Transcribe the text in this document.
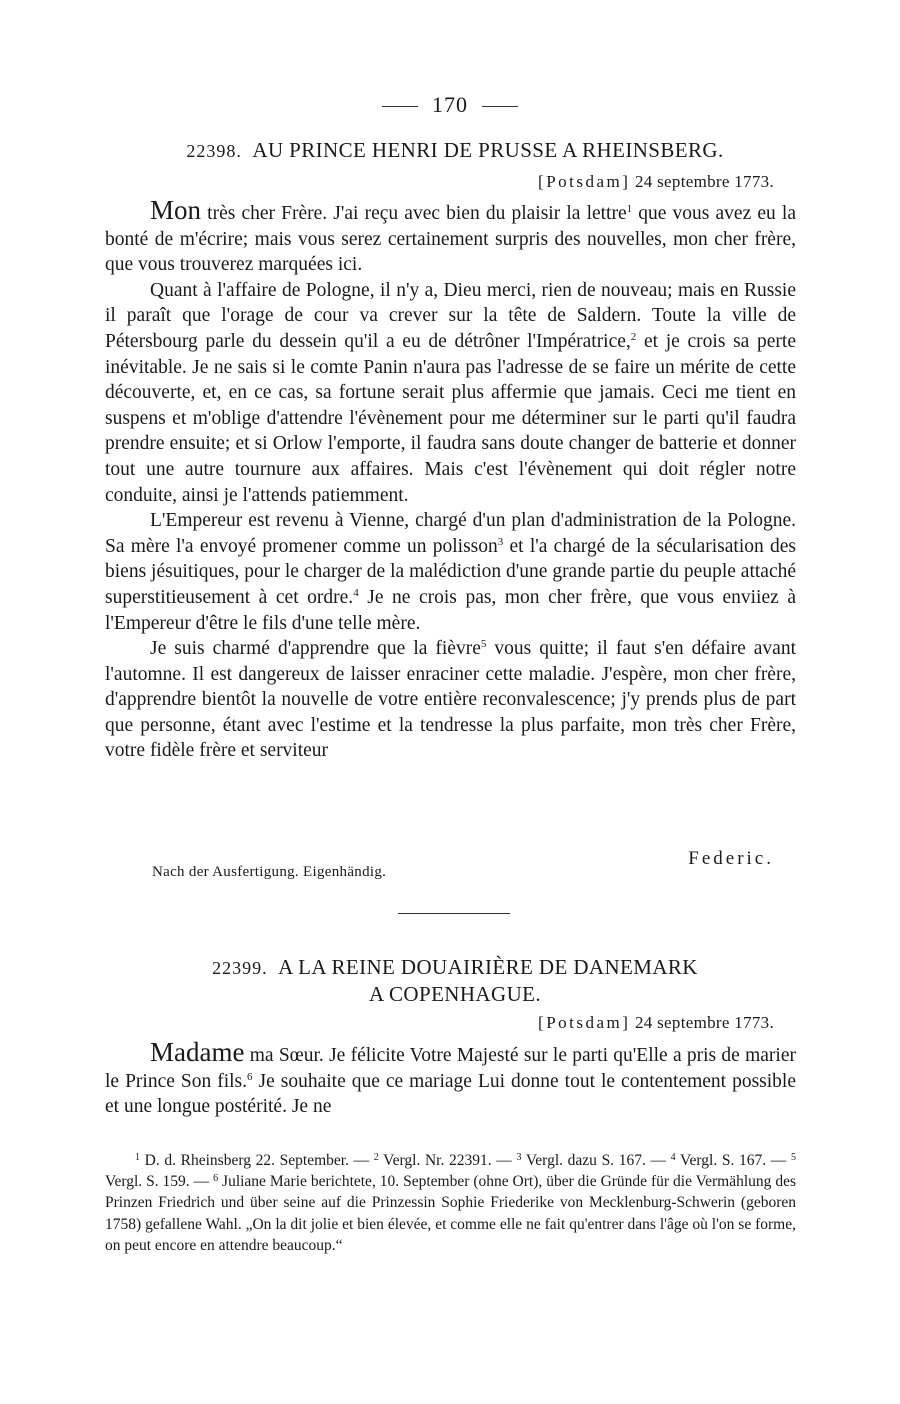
170
22398. AU PRINCE HENRI DE PRUSSE A RHEINSBERG.
[Potsdam] 24 septembre 1773.

Mon très cher Frère. J'ai reçu avec bien du plaisir la lettre$^1$ que vous avez eu la bonté de m'écrire; mais vous serez certainement surpris des nouvelles, mon cher frère, que vous trouverez marquées ici.

Quant à l'affaire de Pologne, il n'y a, Dieu merci, rien de nouveau; mais en Russie il paraît que l'orage de cour va crever sur la tête de Saldern. Toute la ville de Pétersbourg parle du dessein qu'il a eu de détrôner l'Impératrice,$^2$ et je crois sa perte inévitable. Je ne sais si le comte Panin n'aura pas l'adresse de se faire un mérite de cette découverte, et, en ce cas, sa fortune serait plus affermie que jamais. Ceci me tient en suspens et m'oblige d'attendre l'évènement pour me déterminer sur le parti qu'il faudra prendre ensuite; et si Orlow l'emporte, il faudra sans doute changer de batterie et donner tout une autre tournure aux affaires. Mais c'est l'évènement qui doit régler notre conduite, ainsi je l'attends patiemment.

L'Empereur est revenu à Vienne, chargé d'un plan d'administration de la Pologne. Sa mère l'a envoyé promener comme un polisson$^3$ et l'a chargé de la sécularisation des biens jésuitiques, pour le charger de la malédiction d'une grande partie du peuple attaché superstitieusement à cet ordre.$^4$ Je ne crois pas, mon cher frère, que vous enviiez à l'Empereur d'être le fils d'une telle mère.

Je suis charmé d'apprendre que la fièvre$^5$ vous quitte; il faut s'en défaire avant l'automne. Il est dangereux de laisser enraciner cette maladie. J'espère, mon cher frère, d'apprendre bientôt la nouvelle de votre entière reconvalescence; j'y prends plus de part que personne, étant avec l'estime et la tendresse la plus parfaite, mon très cher Frère, votre fidèle frère et serviteur

Federic.
Nach der Ausfertigung. Eigenhändig.
22399. A LA REINE DOUAIRIÈRE DE DANEMARK
A COPENHAGUE.
[Potsdam] 24 septembre 1773.

Madame ma Sœur. Je félicite Votre Majesté sur le parti qu'Elle a pris de marier le Prince Son fils.$^6$ Je souhaite que ce mariage Lui donne tout le contentement possible et une longue postérité. Je ne

$^1$ D. d. Rheinsberg 22. September. — $^2$ Vergl. Nr. 22391. — $^3$ Vergl. dazu S. 167. — $^4$ Vergl. S. 167. — $^5$ Vergl. S. 159. — $^6$ Juliane Marie berichtete, 10. September (ohne Ort), über die Gründe für die Vermählung des Prinzen Friedrich und über seine auf die Prinzessin Sophie Friederike von Mecklenburg-Schwerin (geboren 1758) gefallene Wahl. „On la dit jolie et bien élevée, et comme elle ne fait qu'entrer dans l'âge où l'on se forme, on peut encore en attendre beaucoup.“
